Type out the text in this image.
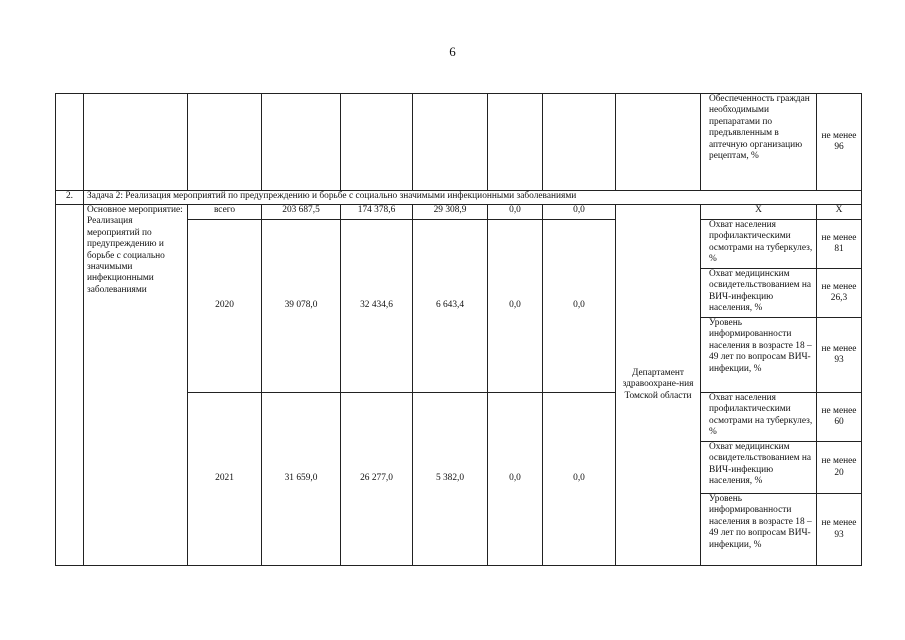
6
									Обеспеченность граждан необходимыми препаратами по предъявленным в аптечную организацию рецептам, %	не менее 96
2.	Задача 2: Реализация мероприятий по предупреждению и борьбе с социально значимыми инфекционными заболеваниями									
	Основное мероприятие: Реализация мероприятий по предупреждению и борьбе с социально значимыми инфекционными заболеваниями	всего	203 687,5	174 378,6	29 308,9	0,0	0,0	Департамент здравоохране-ния Томской области	X	X
		2020	39 078,0	32 434,6	6 643,4	0,0	0,0		Охват населения профилактическими осмотрами на туберкулез, %	не менее 81
									Охват медицинским освидетельствованием на ВИЧ-инфекцию населения, %	не менее 26,3
									Уровень информированности населения в возрасте 18 – 49 лет по вопросам ВИЧ-инфекции, %	не менее 93
		2021	31 659,0	26 277,0	5 382,0	0,0	0,0		Охват населения профилактическими осмотрами на туберкулез, %	не менее 60
									Охват медицинским освидетельствованием на ВИЧ-инфекцию населения, %	не менее 20
									Уровень информированности населения в возрасте 18 – 49 лет по вопросам ВИЧ-инфекции, %	не менее 93
